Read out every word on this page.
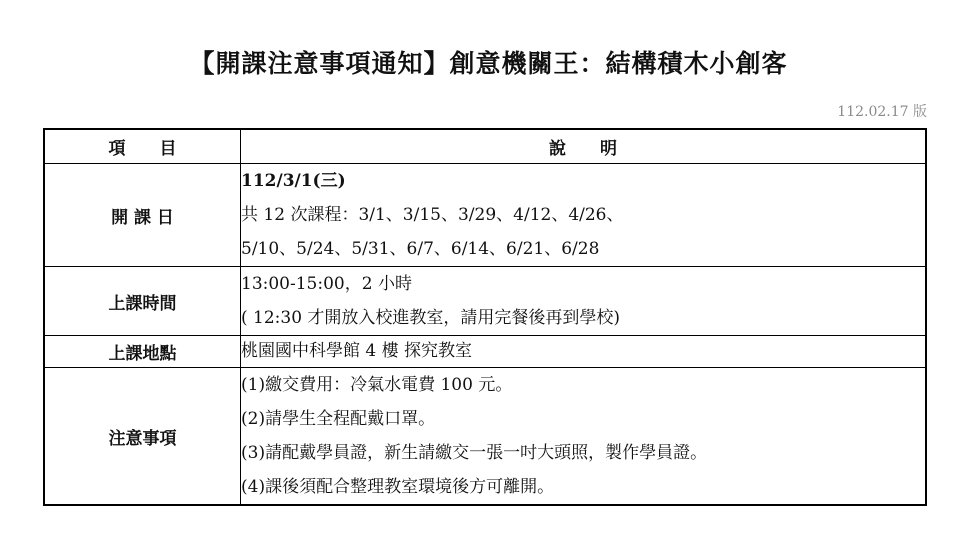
【開課注意事項通知】創意機關王：結構積木小創客
112.02.17 版
項　　目	說　　明
開 課 日	112/3/1(三)
共 12 次課程：3/1、3/15、3/29、4/12、4/26、
5/10、5/24、5/31、6/7、6/14、6/21、6/28

上課時間	13:00-15:00，2 小時
( 12:30 才開放入校進教室，請用完餐後再到學校)

上課地點	桃園國中科學館 4 樓 探究教室

注意事項	(1)繳交費用：冷氣水電費 100 元。
(2)請學生全程配戴口罩。
(3)請配戴學員證，新生請繳交一張一吋大頭照，製作學員證。
(4)課後須配合整理教室環境後方可離開。
